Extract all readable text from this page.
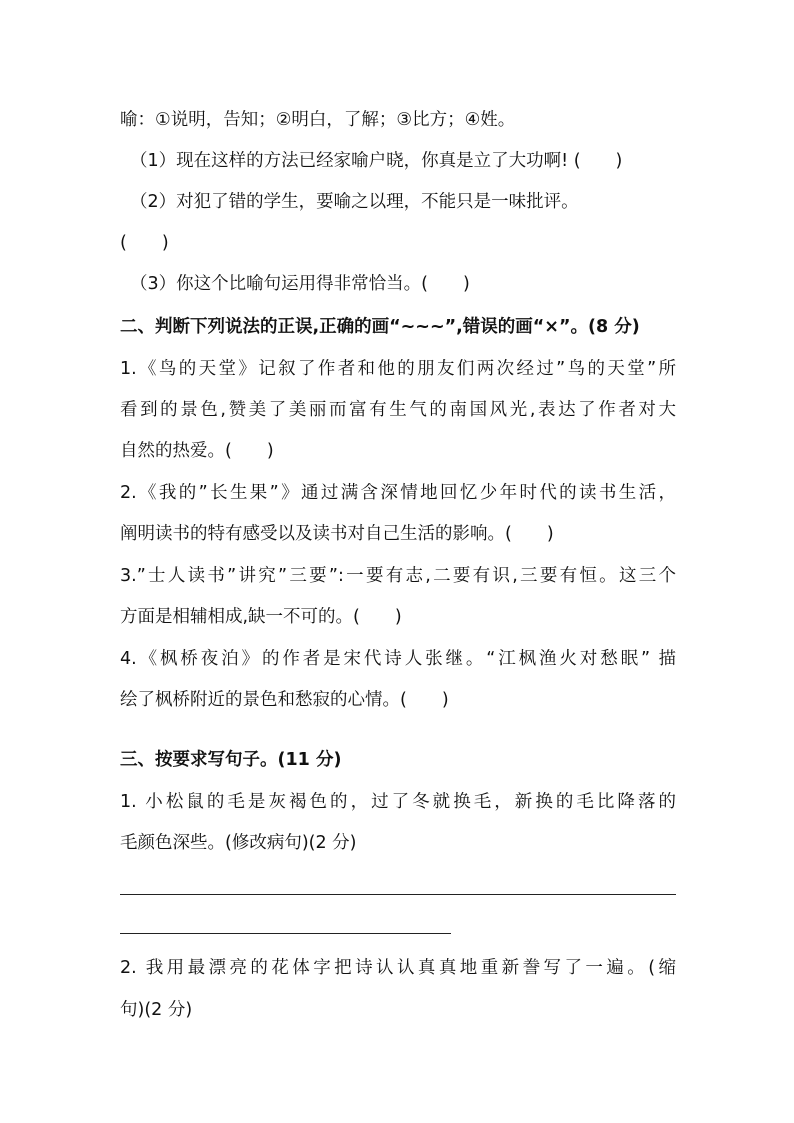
喻：①说明，告知；②明白，了解；③比方；④姓。
（1）现在这样的方法已经家喻户晓，你真是立了大功啊! (　　)
（2）对犯了错的学生，要喻之以理，不能只是一味批评。
(　　)
（3）你这个比喻句运用得非常恰当。(　　)
二、判断下列说法的正误,正确的画“~~~”,错误的画“×”。(8 分)
1.《鸟的天堂》记叙了作者和他的朋友们两次经过”鸟的天堂”所
看到的景色,赞美了美丽而富有生气的南国风光,表达了作者对大
自然的热爱。(　　)
2.《我的”长生果”》通过满含深情地回忆少年时代的读书生活，
阐明读书的特有感受以及读书对自己生活的影响。(　　)
3.”士人读书”讲究”三要”:一要有志,二要有识,三要有恒。这三个
方面是相辅相成,缺一不可的。(　　)
4.《枫桥夜泊》的作者是宋代诗人张继。“江枫渔火对愁眠” 描
绘了枫桥附近的景色和愁寂的心情。(　　)
三、按要求写句子。(11 分)
1. 小松鼠的毛是灰褐色的，过了冬就换毛，新换的毛比降落的
毛颜色深些。(修改病句)(2 分)
2. 我用最漂亮的花体字把诗认认真真地重新誊写了一遍。(缩
句)(2 分)
